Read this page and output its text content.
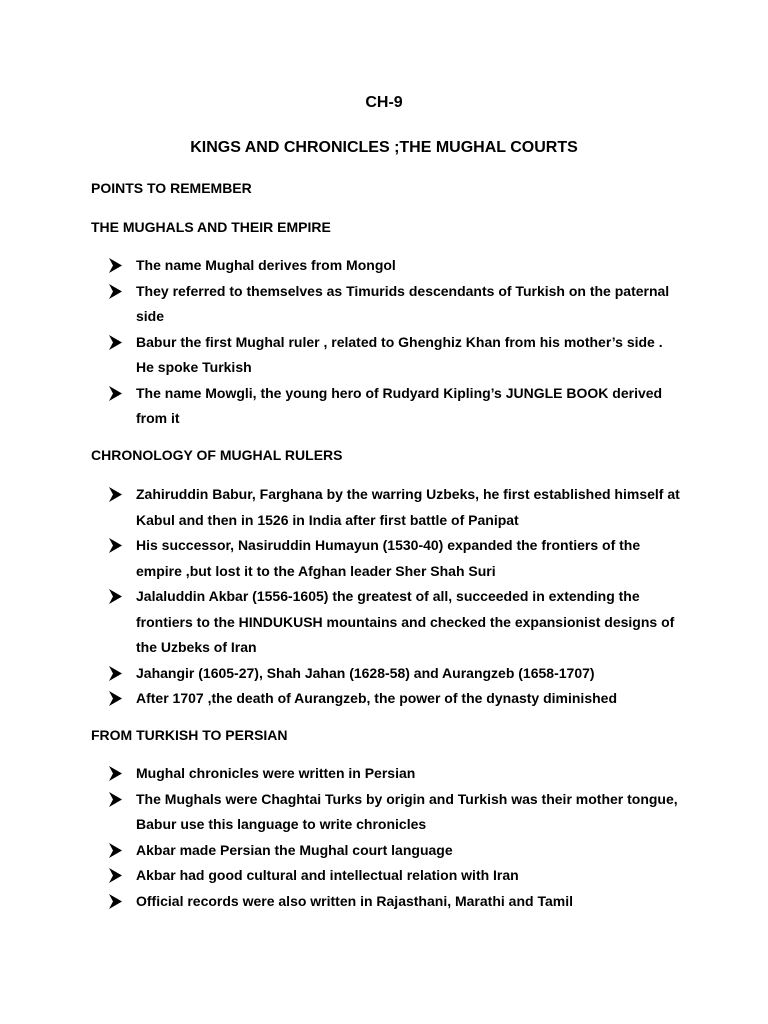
CH-9

KINGS AND CHRONICLES ;THE MUGHAL COURTS

POINTS TO REMEMBER

THE MUGHALS AND THEIR EMPIRE

The name Mughal derives from Mongol
They referred to themselves as Timurids descendants of Turkish on the paternal side
Babur the first Mughal ruler , related to Ghenghiz Khan from his mother’s side . He spoke Turkish
The name Mowgli, the young hero of Rudyard Kipling’s JUNGLE BOOK derived from it

CHRONOLOGY OF MUGHAL RULERS

Zahiruddin Babur, Farghana by the warring Uzbeks, he first established himself at Kabul and then in 1526 in India after first battle of Panipat
His successor, Nasiruddin Humayun (1530-40) expanded the frontiers of the empire ,but lost it to the Afghan leader Sher Shah Suri
Jalaluddin Akbar (1556-1605) the greatest of all, succeeded in extending the frontiers to the HINDUKUSH mountains and checked the expansionist designs of the Uzbeks of Iran
Jahangir (1605-27), Shah Jahan (1628-58) and Aurangzeb (1658-1707)
After 1707 ,the death of Aurangzeb, the power of the dynasty diminished

FROM TURKISH TO PERSIAN

Mughal chronicles were written in Persian
The Mughals were Chaghtai Turks by origin and Turkish was their mother tongue, Babur use this language to write chronicles
Akbar made Persian the Mughal court language
Akbar had good cultural and intellectual relation with Iran
Official records were also written in Rajasthani, Marathi and Tamil
